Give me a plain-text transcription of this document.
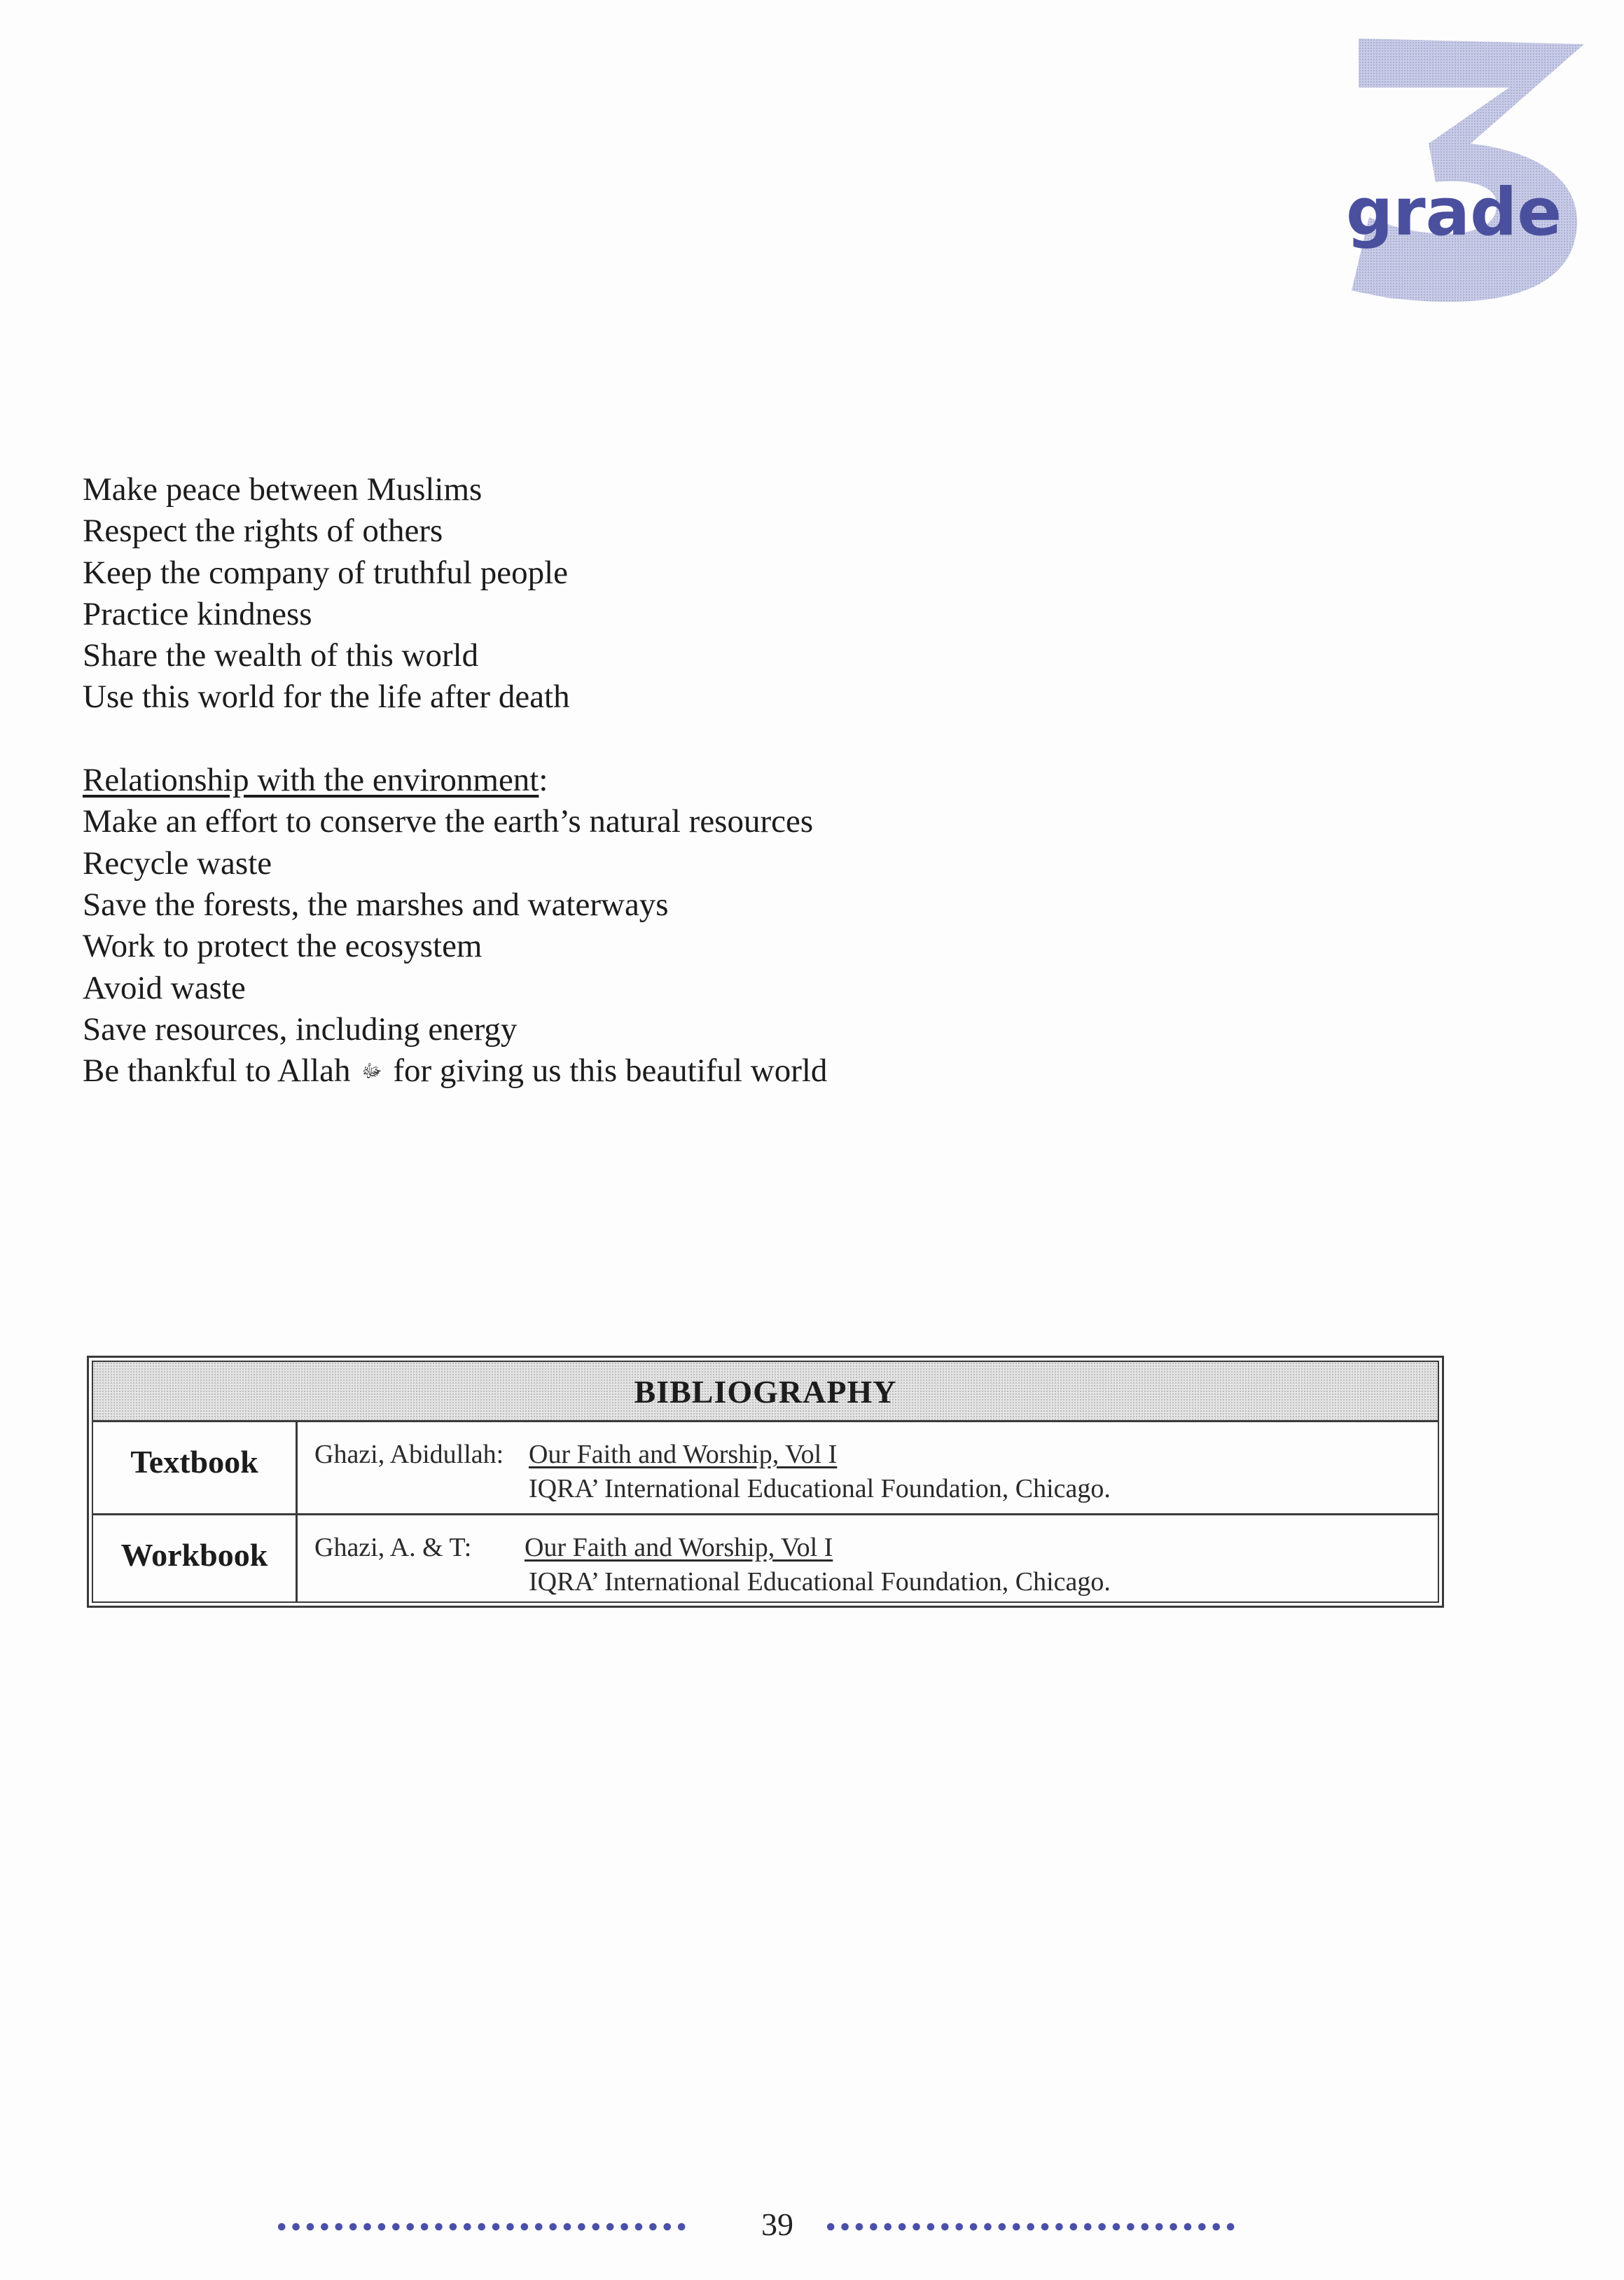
grade
Make peace between Muslims
Respect the rights of others
Keep the company of truthful people
Practice kindness
Share the wealth of this world
Use this world for the life after death
Relationship with the environment:
Make an effort to conserve the earth’s natural resources
Recycle waste
Save the forests, the marshes and waterways
Work to protect the ecosystem
Avoid waste
Save resources, including energy
Be thankful to Allah ﷻ for giving us this beautiful world
BIBLIOGRAPHY
Textbook	Ghazi, Abidullah: Our Faith and Worship, Vol I
IQRA’ International Educational Foundation, Chicago.
Workbook	Ghazi, A. & T: Our Faith and Worship, Vol I
IQRA’ International Educational Foundation, Chicago.
39
